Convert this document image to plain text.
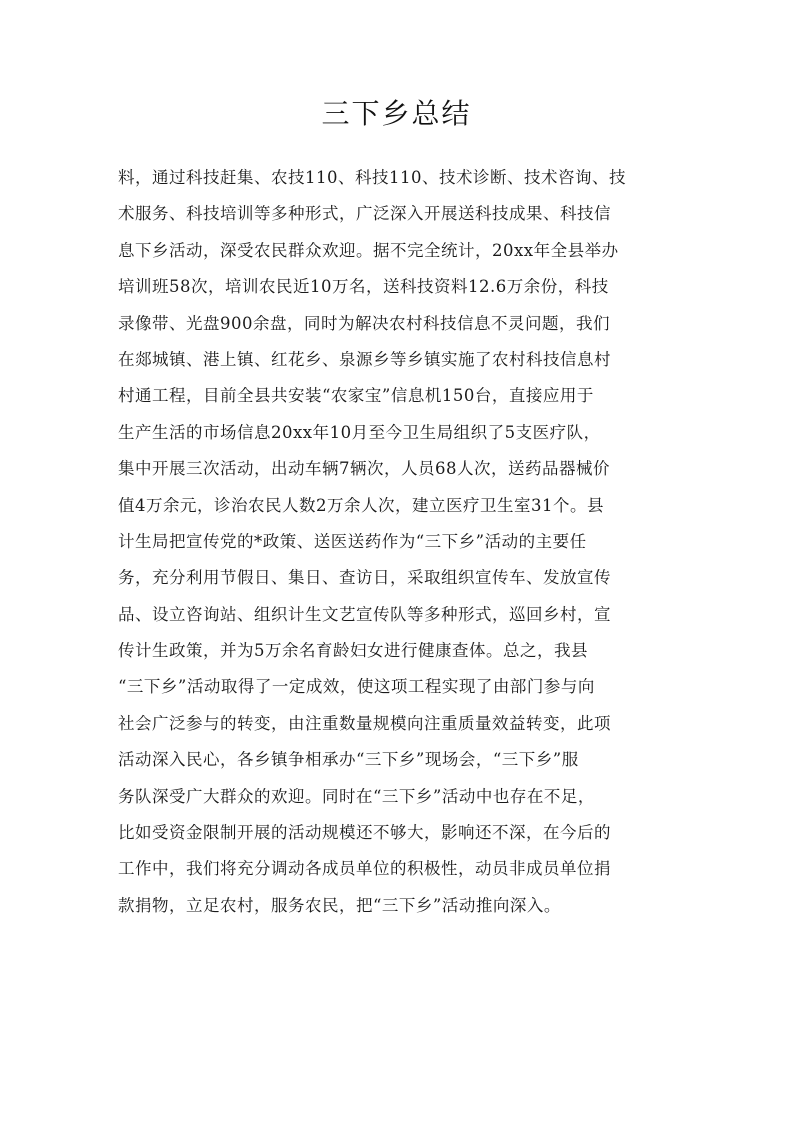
三下乡总结
料，通过科技赶集、农技110、科技110、技术诊断、技术咨询、技
术服务、科技培训等多种形式，广泛深入开展送科技成果、科技信
息下乡活动，深受农民群众欢迎。据不完全统计，20xx年全县举办
培训班58次，培训农民近10万名，送科技资料12.6万余份，科技
录像带、光盘900余盘，同时为解决农村科技信息不灵问题，我们
在郯城镇、港上镇、红花乡、泉源乡等乡镇实施了农村科技信息村
村通工程，目前全县共安装“农家宝”信息机150台，直接应用于
生产生活的市场信息20xx年10月至今卫生局组织了5支医疗队，
集中开展三次活动，出动车辆7辆次，人员68人次，送药品器械价
值4万余元，诊治农民人数2万余人次，建立医疗卫生室31个。县
计生局把宣传党的*政策、送医送药作为“三下乡”活动的主要任
务，充分利用节假日、集日、查访日，采取组织宣传车、发放宣传
品、设立咨询站、组织计生文艺宣传队等多种形式，巡回乡村，宣
传计生政策，并为5万余名育龄妇女进行健康查体。总之，我县
“三下乡”活动取得了一定成效，使这项工程实现了由部门参与向
社会广泛参与的转变，由注重数量规模向注重质量效益转变，此项
活动深入民心，各乡镇争相承办“三下乡”现场会，“三下乡”服
务队深受广大群众的欢迎。同时在“三下乡”活动中也存在不足，
比如受资金限制开展的活动规模还不够大，影响还不深，在今后的
工作中，我们将充分调动各成员单位的积极性，动员非成员单位捐
款捐物，立足农村，服务农民，把“三下乡”活动推向深入。
